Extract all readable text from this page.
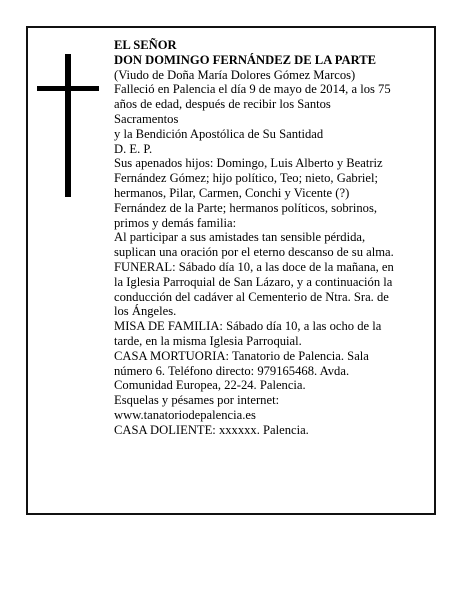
EL SEÑOR
DON DOMINGO FERNÁNDEZ DE LA PARTE
(Viudo de Doña María Dolores Gómez Marcos)
Falleció en Palencia el día 9 de mayo de 2014, a los 75
años de edad, después de recibir los Santos
Sacramentos
y la Bendición Apostólica de Su Santidad
D. E. P.
Sus apenados hijos: Domingo, Luis Alberto y Beatriz
Fernández Gómez; hijo político, Teo; nieto, Gabriel;
hermanos, Pilar, Carmen, Conchi y Vicente (?)
Fernández de la Parte; hermanos políticos, sobrinos,
primos y demás familia:
Al participar a sus amistades tan sensible pérdida,
suplican una oración por el eterno descanso de su alma.
FUNERAL: Sábado día 10, a las doce de la mañana, en
la Iglesia Parroquial de San Lázaro, y a continuación la
conducción del cadáver al Cementerio de Ntra. Sra. de
los Ángeles.
MISA DE FAMILIA: Sábado día 10, a las ocho de la
tarde, en la misma Iglesia Parroquial.
CASA MORTUORIA: Tanatorio de Palencia. Sala
número 6. Teléfono directo: 979165468. Avda.
Comunidad Europea, 22-24. Palencia.
Esquelas y pésames por internet:
www.tanatoriodepalencia.es
CASA DOLIENTE: xxxxxx. Palencia.
